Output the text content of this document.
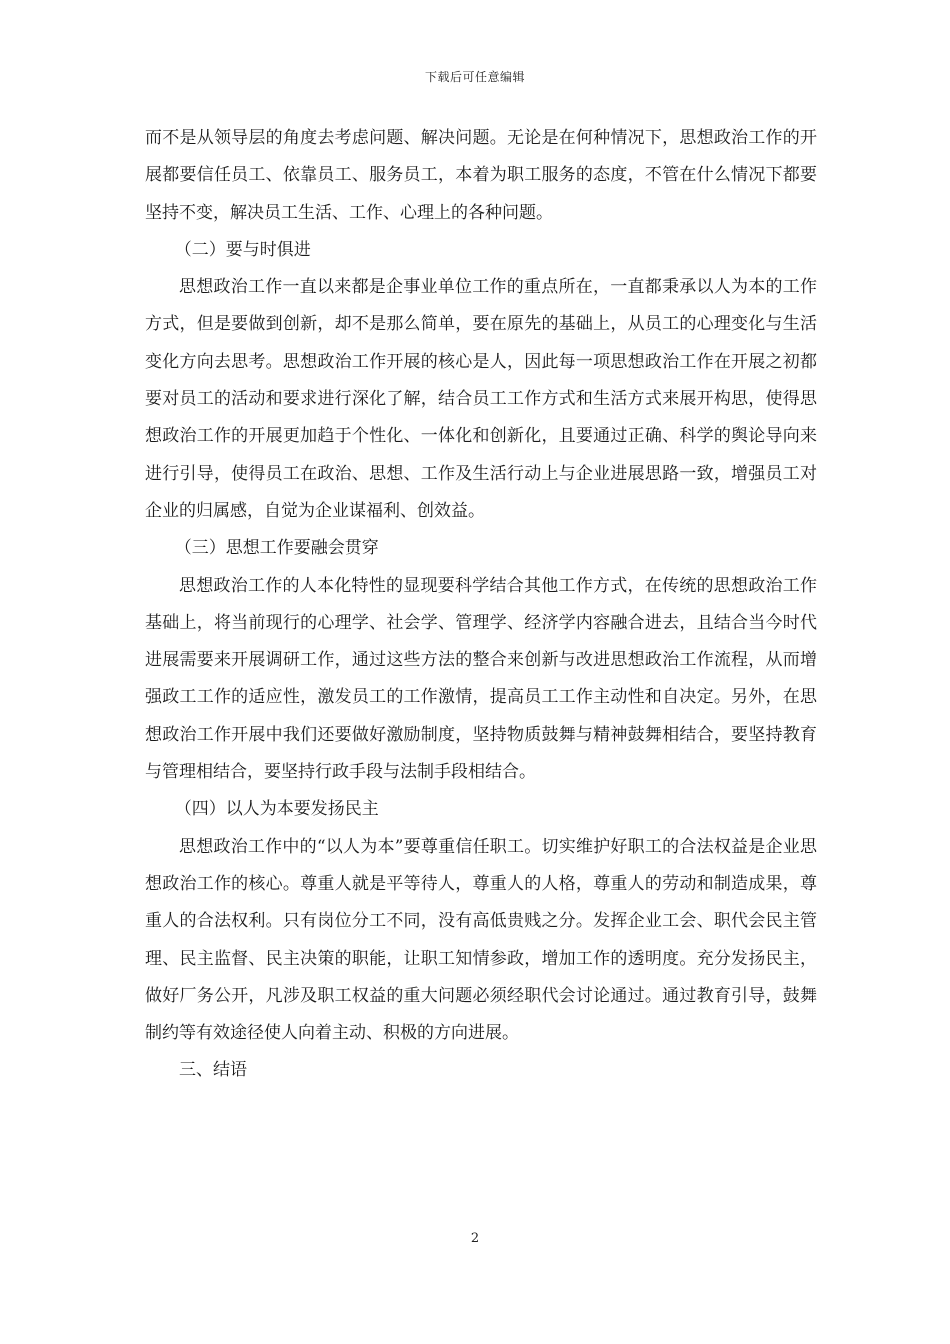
下载后可任意编辑

而不是从领导层的角度去考虑问题、解决问题。无论是在何种情况下，思想政治工作的开展都要信任员工、依靠员工、服务员工，本着为职工服务的态度，不管在什么情况下都要坚持不变，解决员工生活、工作、心理上的各种问题。

（二）要与时俱进

思想政治工作一直以来都是企事业单位工作的重点所在，一直都秉承以人为本的工作方式，但是要做到创新，却不是那么简单，要在原先的基础上，从员工的心理变化与生活变化方向去思考。思想政治工作开展的核心是人，因此每一项思想政治工作在开展之初都要对员工的活动和要求进行深化了解，结合员工工作方式和生活方式来展开构思，使得思想政治工作的开展更加趋于个性化、一体化和创新化，且要通过正确、科学的舆论导向来进行引导，使得员工在政治、思想、工作及生活行动上与企业进展思路一致，增强员工对企业的归属感，自觉为企业谋福利、创效益。

（三）思想工作要融会贯穿

思想政治工作的人本化特性的显现要科学结合其他工作方式，在传统的思想政治工作基础上，将当前现行的心理学、社会学、管理学、经济学内容融合进去，且结合当今时代进展需要来开展调研工作，通过这些方法的整合来创新与改进思想政治工作流程，从而增强政工工作的适应性，激发员工的工作激情，提高员工工作主动性和自决定。另外，在思想政治工作开展中我们还要做好激励制度，坚持物质鼓舞与精神鼓舞相结合，要坚持教育与管理相结合，要坚持行政手段与法制手段相结合。

（四）以人为本要发扬民主

思想政治工作中的“以人为本”要尊重信任职工。切实维护好职工的合法权益是企业思想政治工作的核心。尊重人就是平等待人，尊重人的人格，尊重人的劳动和制造成果，尊重人的合法权利。只有岗位分工不同，没有高低贵贱之分。发挥企业工会、职代会民主管理、民主监督、民主决策的职能，让职工知情参政，增加工作的透明度。充分发扬民主，做好厂务公开，凡涉及职工权益的重大问题必须经职代会讨论通过。通过教育引导，鼓舞制约等有效途径使人向着主动、积极的方向进展。

三、结语

2
